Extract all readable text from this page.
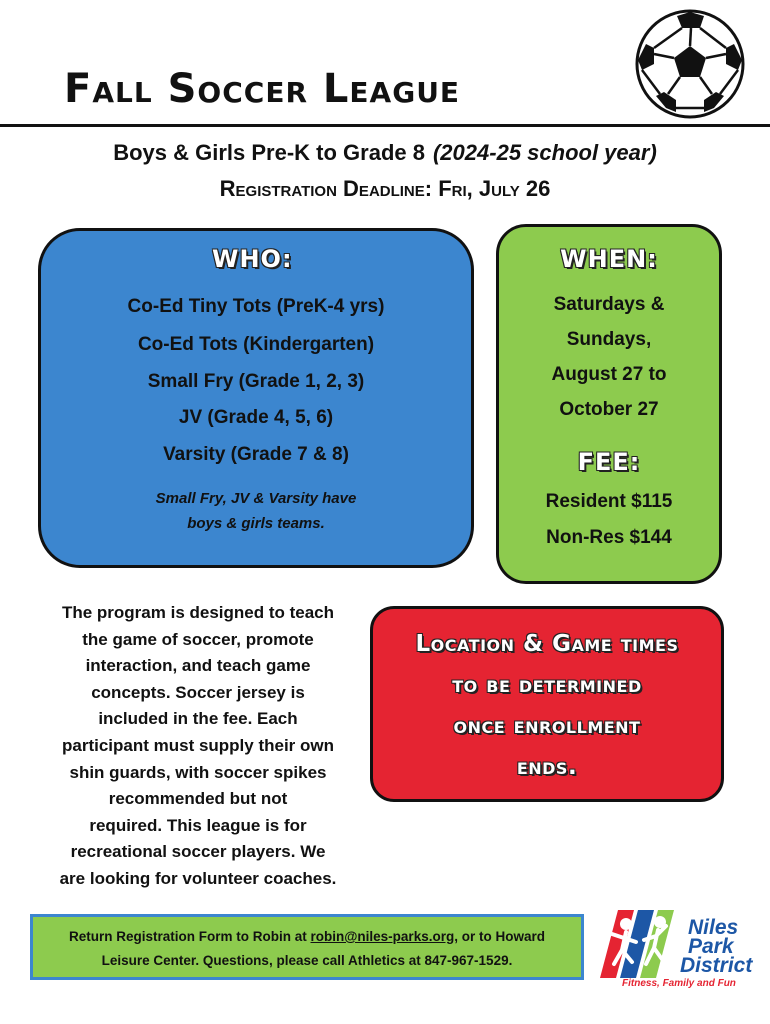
Fall Soccer League
Boys & Girls Pre-K to Grade 8 (2024-25 school year)
Registration Deadline: Fri, July 26
WHO:
Co-Ed Tiny Tots (PreK-4 yrs)
Co-Ed Tots (Kindergarten)
Small Fry (Grade 1, 2, 3)
JV (Grade 4, 5, 6)
Varsity (Grade 7 & 8)
Small Fry, JV & Varsity have
boys & girls teams.
WHEN:
Saturdays &
Sundays,
August 27 to
October 27
FEE:
Resident $115
Non-Res $144
The program is designed to teach
the game of soccer, promote
interaction, and teach game
concepts. Soccer jersey is
included in the fee. Each
participant must supply their own
shin guards, with soccer spikes
recommended but not
required. This league is for
recreational soccer players. We
are looking for volunteer coaches.
Location & Game times
to be determined
once enrollment
ends.
Return Registration Form to Robin at robin@niles-parks.org, or to Howard
Leisure Center. Questions, please call Athletics at 847-967-1529.
Niles
Park
District
Fitness, Family and Fun
